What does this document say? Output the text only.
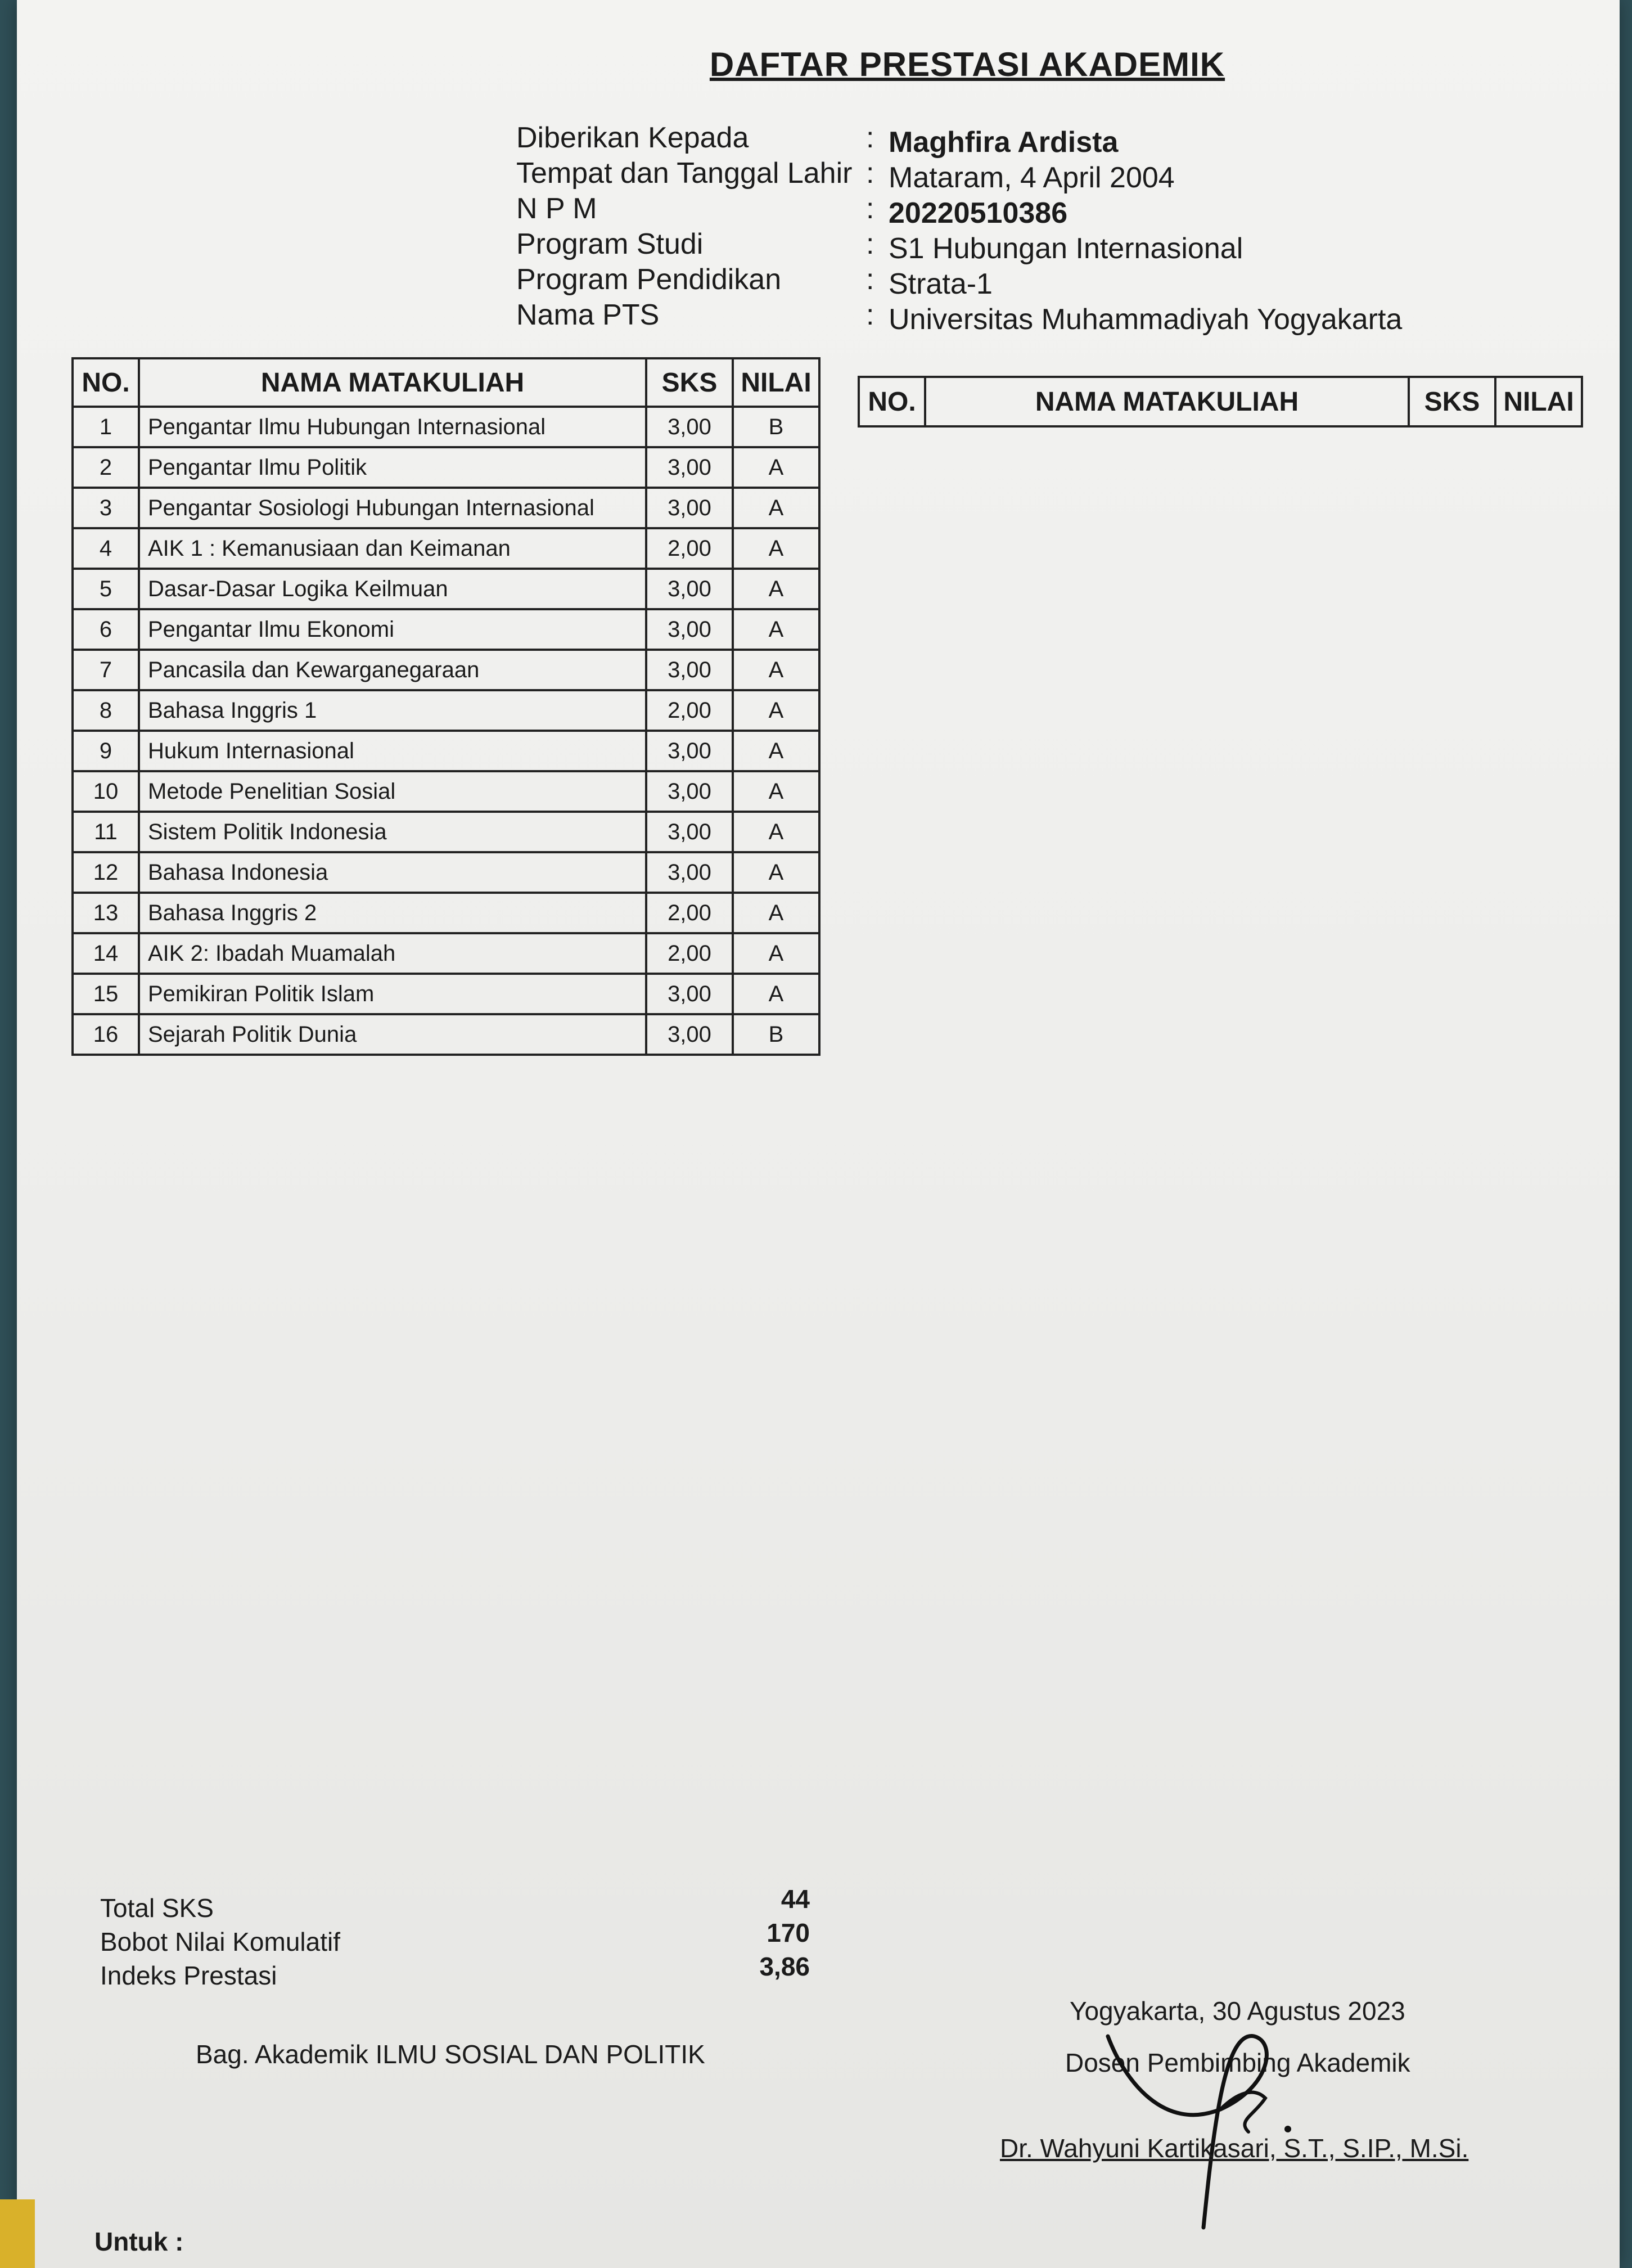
DAFTAR PRESTASI AKADEMIK
Diberikan Kepada	: Maghfira Ardista
Tempat dan Tanggal Lahir : Mataram, 4 April 2004
N P M	: 20220510386
Program Studi	: S1 Hubungan Internasional
Program Pendidikan	: Strata-1
Nama PTS	: Universitas Muhammadiyah Yogyakarta
NO.	NAMA MATAKULIAH	SKS	NILAI
1	Pengantar Ilmu Hubungan Internasional	3,00	B
2	Pengantar Ilmu Politik	3,00	A
3	Pengantar Sosiologi Hubungan Internasional	3,00	A
4	AIK 1 : Kemanusiaan dan Keimanan	2,00	A
5	Dasar-Dasar Logika Keilmuan	3,00	A
6	Pengantar Ilmu Ekonomi	3,00	A
7	Pancasila dan Kewarganegaraan	3,00	A
8	Bahasa Inggris 1	2,00	A
9	Hukum Internasional	3,00	A
10	Metode Penelitian Sosial	3,00	A
11	Sistem Politik Indonesia	3,00	A
12	Bahasa Indonesia	3,00	A
13	Bahasa Inggris 2	2,00	A
14	AIK 2: Ibadah Muamalah	2,00	A
15	Pemikiran Politik Islam	3,00	A
16	Sejarah Politik Dunia	3,00	B
NO.	NAMA MATAKULIAH	SKS	NILAI
Total SKS	44
Bobot Nilai Komulatif	170
Indeks Prestasi	3,86
Bag. Akademik ILMU SOSIAL DAN POLITIK
Yogyakarta, 30 Agustus 2023
Dosen Pembimbing Akademik
Dr. Wahyuni Kartikasari, S.T., S.IP., M.Si.
Untuk :
